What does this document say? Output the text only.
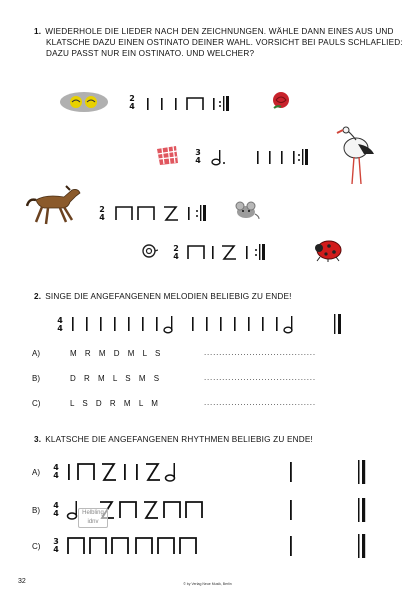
1. WIEDERHOLE DIE LIEDER NACH DEN ZEICHNUNGEN. WÄHLE DANN EINES AUS UND
KLATSCHE DAZU EINEN OSTINATO DEINER WAHL. VORSICHT BEI PAULS SCHLAFLIED:
DAZU PASST NUR EIN OSTINATO. UND WELCHER?
2
4
3
4
2
4
2
4
2. SINGE DIE ANGEFANGENEN MELODIEN BELIEBIG ZU ENDE!
4
4
A)	M R M D M L S	.....................................
B)	D R M L S M S	.....................................
C)	L S D R M L M	.....................................
3. KLATSCHE DIE ANGEFANGENEN RHYTHMEN BELIEBIG ZU ENDE!
A)
4
4
B)
4
4	Helbling
idnv
C)
3
4
32	© by Verlag Neue Musik, Berlin
